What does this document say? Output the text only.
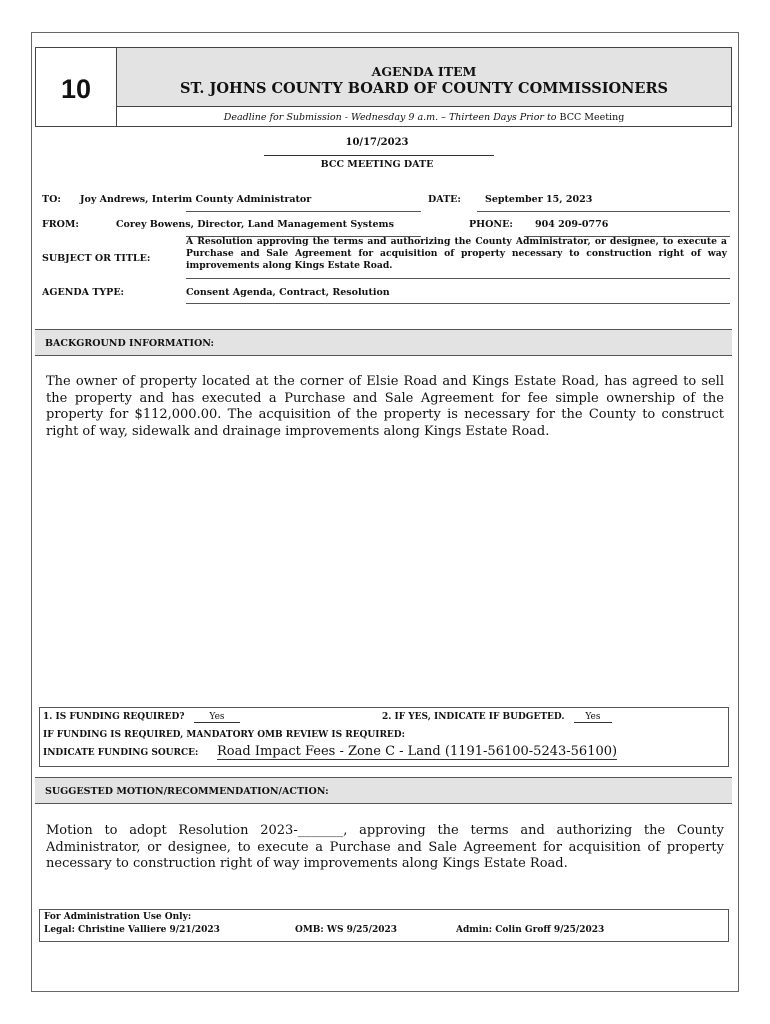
10
AGENDA ITEM
ST. JOHNS COUNTY BOARD OF COUNTY COMMISSIONERS
Deadline for Submission - Wednesday 9 a.m. – Thirteen Days Prior to BCC Meeting
10/17/2023
BCC MEETING DATE
TO: Joy Andrews, Interim County Administrator	DATE:	September 15, 2023
FROM:	Corey Bowens, Director, Land Management Systems	PHONE: 904 209-0776
SUBJECT OR TITLE:
A Resolution approving the terms and authorizing the County Administrator, or designee, to execute a Purchase and Sale Agreement for acquisition of property necessary to construction right of way improvements along Kings Estate Road.
AGENDA TYPE:	Consent Agenda, Contract, Resolution
BACKGROUND INFORMATION:
The owner of property located at the corner of Elsie Road and Kings Estate Road, has agreed to sell the property and has executed a Purchase and Sale Agreement for fee simple ownership of the property for $112,000.00. The acquisition of the property is necessary for the County to construct right of way, sidewalk and drainage improvements along Kings Estate Road.
1. IS FUNDING REQUIRED?	Yes	2. IF YES, INDICATE IF BUDGETED. Yes
IF FUNDING IS REQUIRED, MANDATORY OMB REVIEW IS REQUIRED:
INDICATE FUNDING SOURCE: Road Impact Fees - Zone C - Land (1191-56100-5243-56100)
SUGGESTED MOTION/RECOMMENDATION/ACTION:
Motion to adopt Resolution 2023-_______, approving the terms and authorizing the County Administrator, or designee, to execute a Purchase and Sale Agreement for acquisition of property necessary to construction right of way improvements along Kings Estate Road.
For Administration Use Only:
Legal: Christine Valliere 9/21/2023	OMB: WS 9/25/2023	Admin: Colin Groff 9/25/2023
